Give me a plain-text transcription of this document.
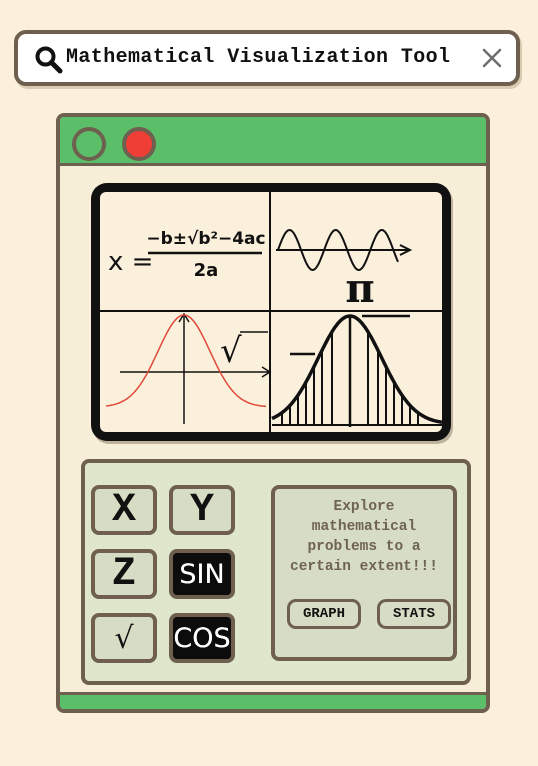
Mathematical Visualization Tool
x =
−b±√b²−4ac
2a	π
√
X	Y
Z	SIN
√ COS
Explore mathematical problems to a certain extent!!!
GRAPH	STATS
